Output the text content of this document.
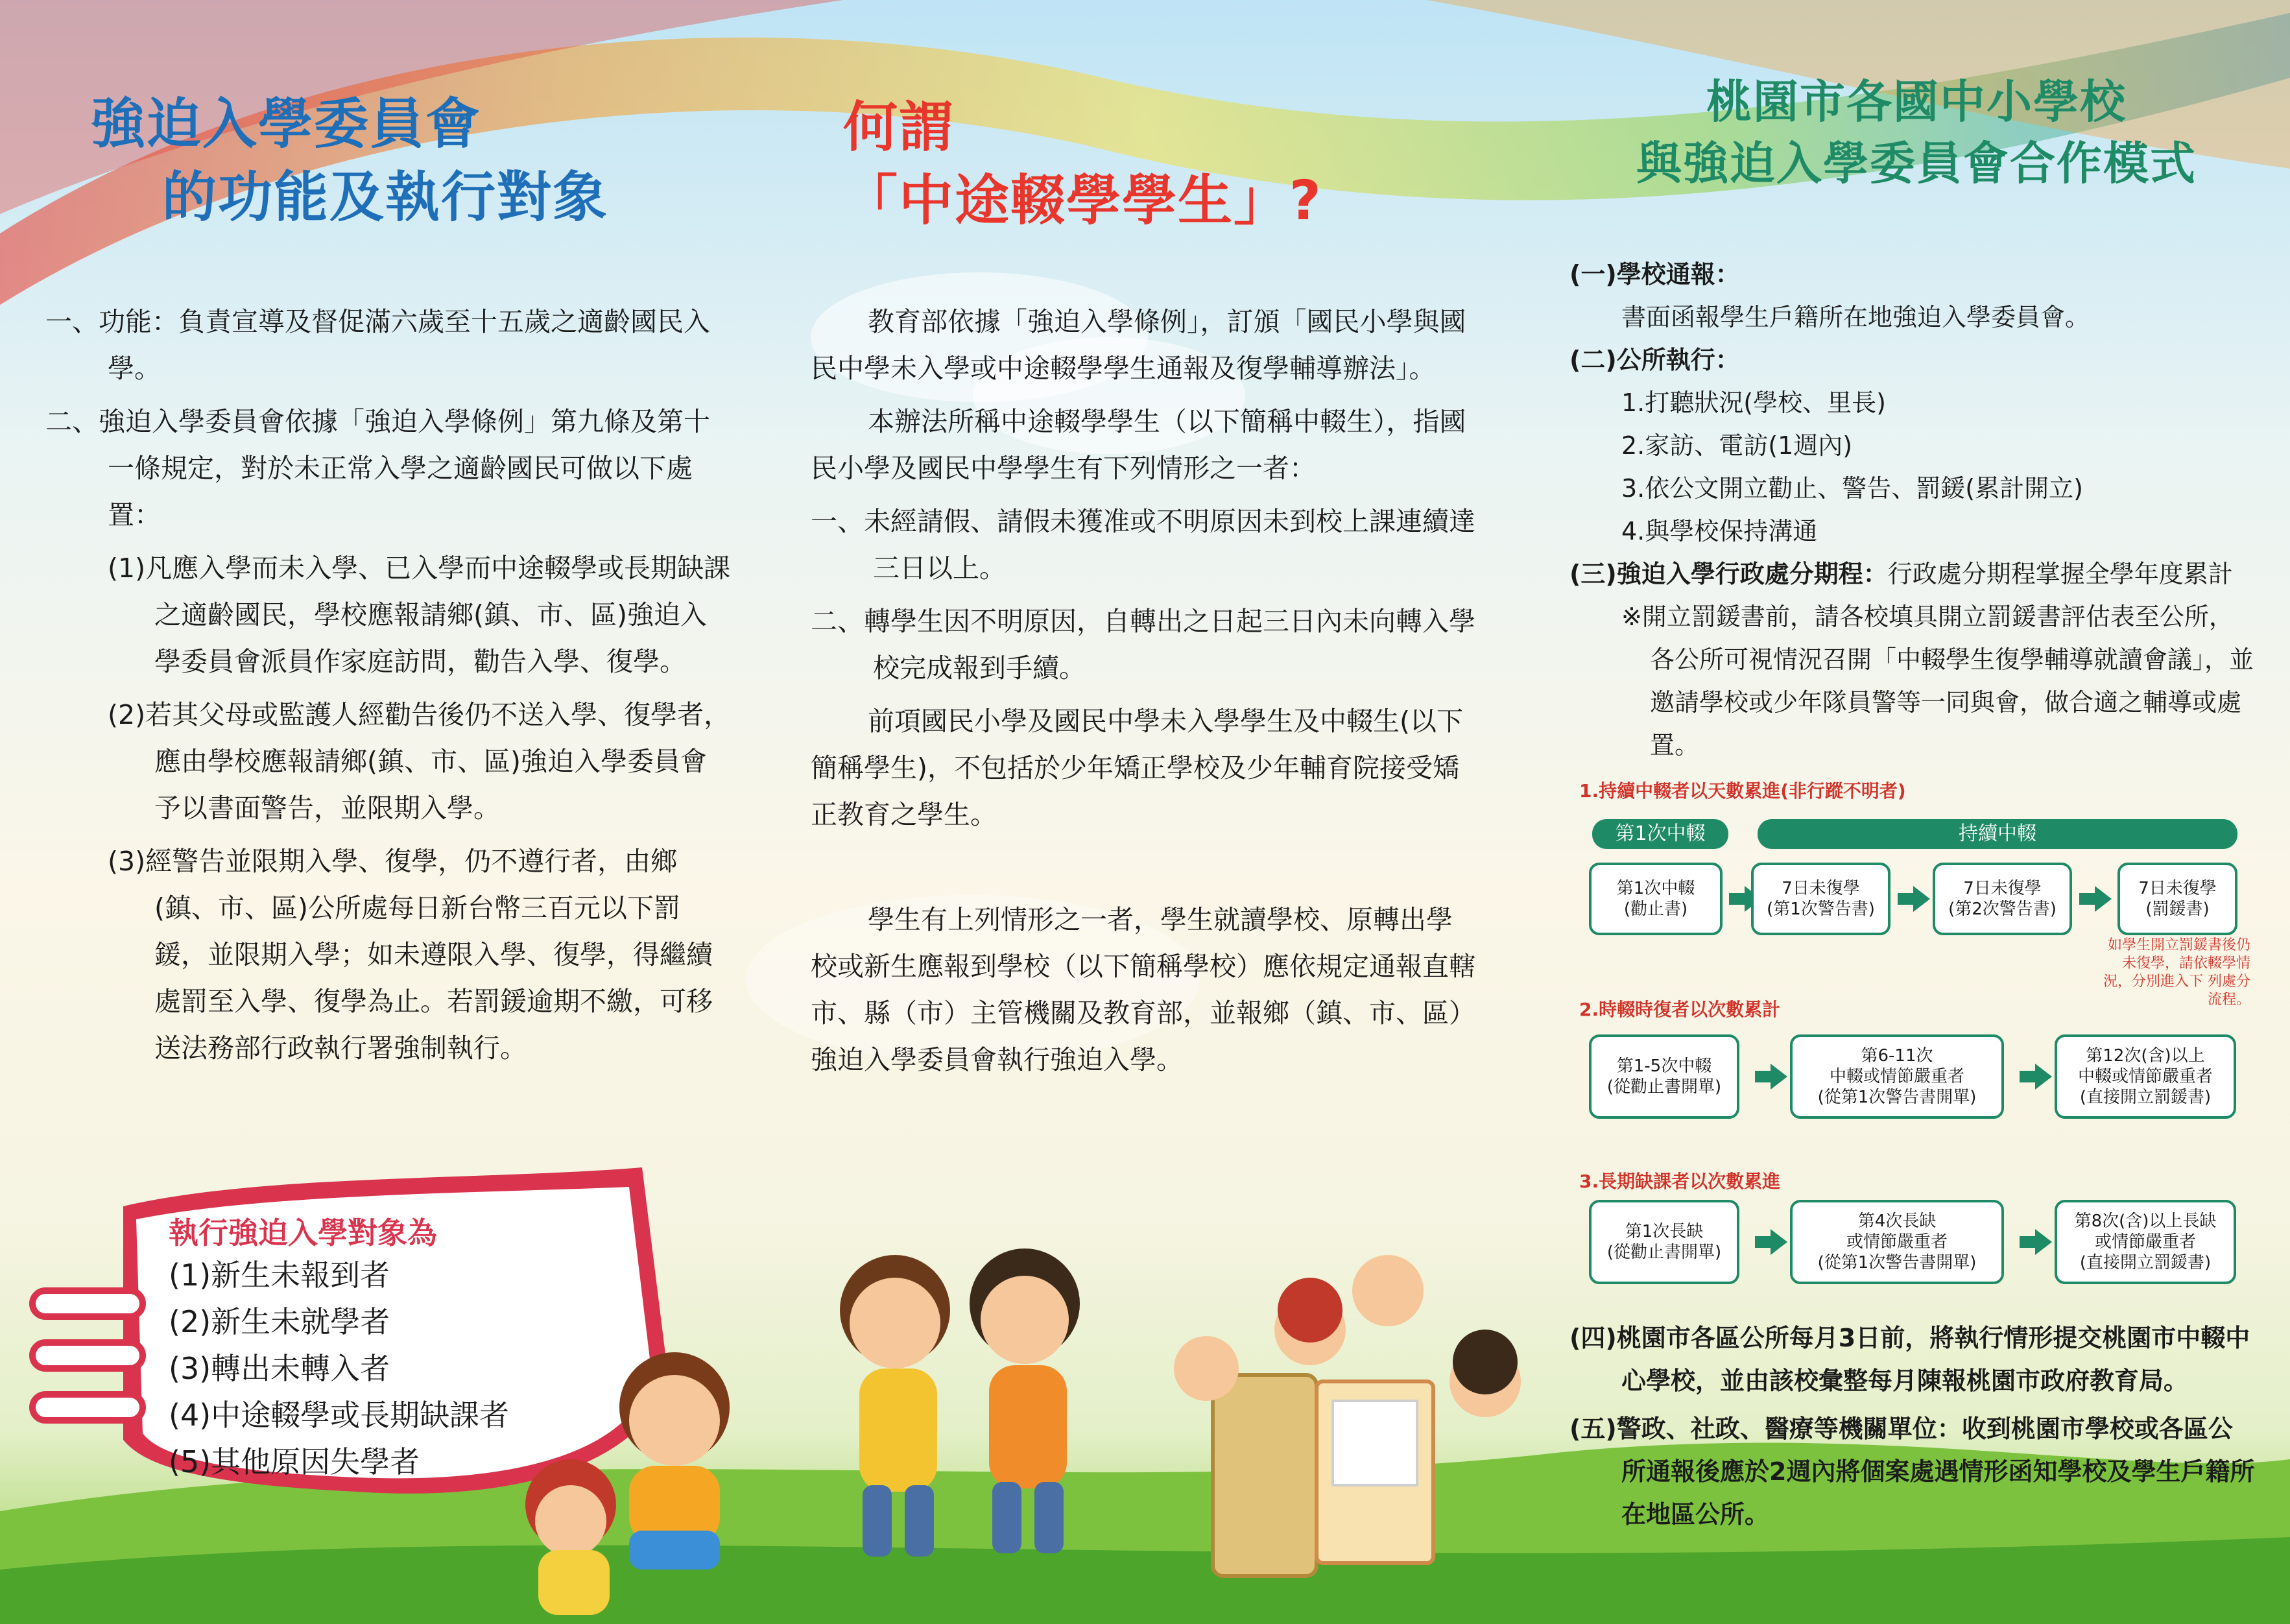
強迫入學委員會
的功能及執行對象

一、功能：負責宣導及督促滿六歲至十五歲之適齡國民入學。

二、強迫入學委員會依據「強迫入學條例」第九條及第十一條規定，對於未正常入學之適齡國民可做以下處置：

(1)凡應入學而未入學、已入學而中途輟學或長期缺課之適齡國民，學校應報請鄉(鎮、市、區)強迫入學委員會派員作家庭訪問，勸告入學、復學。

(2)若其父母或監護人經勸告後仍不送入學、復學者，應由學校應報請鄉(鎮、市、區)強迫入學委員會予以書面警告，並限期入學。

(3)經警告並限期入學、復學，仍不遵行者，由鄉(鎮、市、區)公所處每日新台幣三百元以下罰鍰，並限期入學；如未遵限入學、復學，得繼續處罰至入學、復學為止。若罰鍰逾期不繳，可移送法務部行政執行署強制執行。

執行強迫入學對象為
(1)新生未報到者
(2)新生未就學者
(3)轉出未轉入者
(4)中途輟學或長期缺課者
(5)其他原因失學者
何謂
「中途輟學學生」?

教育部依據「強迫入學條例」，訂頒「國民小學與國民中學未入學或中途輟學學生通報及復學輔導辦法」。

本辦法所稱中途輟學學生（以下簡稱中輟生），指國民小學及國民中學學生有下列情形之一者：

一、未經請假、請假未獲准或不明原因未到校上課連續達三日以上。

二、轉學生因不明原因，自轉出之日起三日內未向轉入學校完成報到手續。

前項國民小學及國民中學未入學學生及中輟生(以下簡稱學生)，不包括於少年矯正學校及少年輔育院接受矯正教育之學生。

學生有上列情形之一者，學生就讀學校、原轉出學校或新生應報到學校（以下簡稱學校）應依規定通報直轄市、縣（市）主管機關及教育部，並報鄉（鎮、市、區）強迫入學委員會執行強迫入學。

桃園市各國中小學校
與強迫入學委員會合作模式

(一)學校通報：

書面函報學生戶籍所在地強迫入學委員會。

(二)公所執行：

1.打聽狀況(學校、里長)

2.家訪、電訪(1週內)

3.依公文開立勸止、警告、罰鍰(累計開立)

4.與學校保持溝通

(三)強迫入學行政處分期程：行政處分期程掌握全學年度累計

※開立罰鍰書前，請各校填具開立罰鍰書評估表至公所，各公所可視情況召開「中輟學生復學輔導就讀會議」，並邀請學校或少年隊員警等一同與會，做合適之輔導或處置。

1.持續中輟者以天數累進(非行蹤不明者)
第1次中輟	持續中輟
第1次中輟
(勸止書)
7日未復學
(第1次警告書)
7日未復學
(第2次警告書)
7日未復學
(罰鍰書)
如學生開立罰鍰書後仍未復學，請依輟學情況，分別進入下 列處分流程。
2.時輟時復者以次數累計
第1-5次中輟
(從勸止書開單)
第6-11次
中輟或情節嚴重者
(從第1次警告書開單)
第12次(含)以上
中輟或情節嚴重者
(直接開立罰鍰書)
3.長期缺課者以次數累進
第1次長缺
(從勸止書開單)
第4次長缺
或情節嚴重者
(從第1次警告書開單)
第8次(含)以上長缺
或情節嚴重者
(直接開立罰鍰書)

(四)桃園市各區公所每月3日前，將執行情形提交桃園市中輟中心學校，並由該校彙整每月陳報桃園市政府教育局。

(五)警政、社政、醫療等機關單位：收到桃園市學校或各區公所通報後應於2週內將個案處遇情形函知學校及學生戶籍所在地區公所。
